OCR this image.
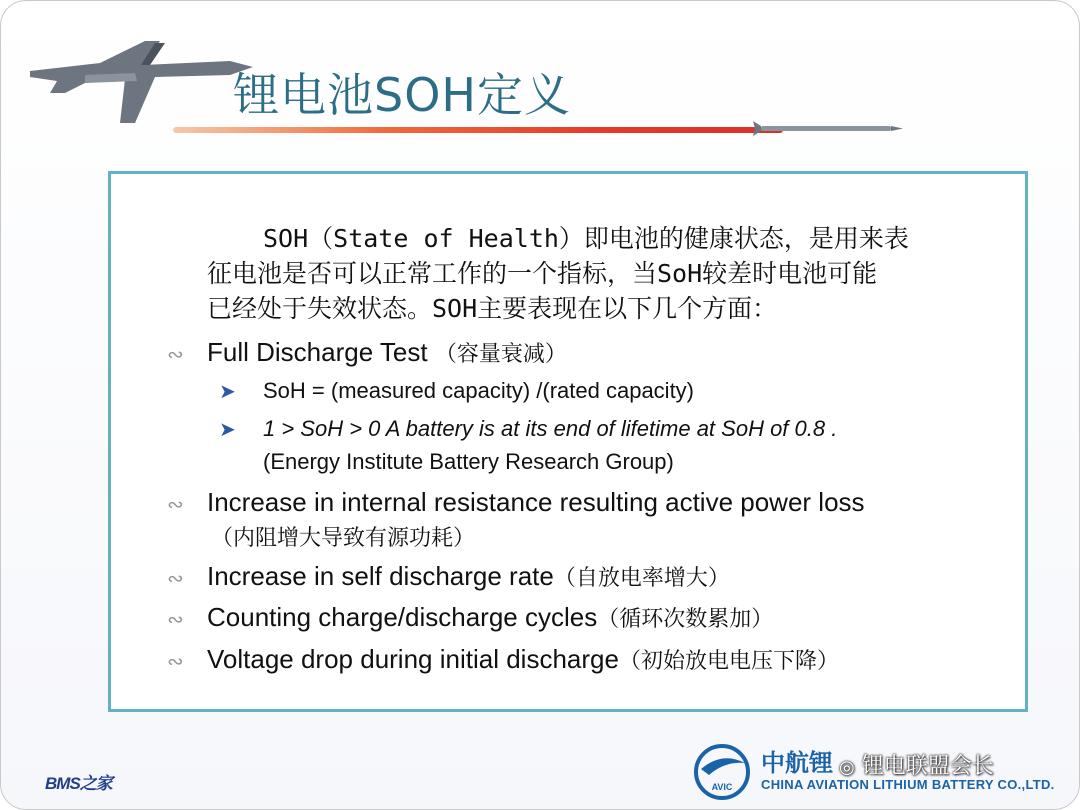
锂电池SOH定义
SOH（State of Health）即电池的健康状态，是用来表
征电池是否可以正常工作的一个指标，当SoH较差时电池可能
已经处于失效状态。SOH主要表现在以下几个方面：
∾ Full Discharge Test （容量衰减）
➤ SoH = (measured capacity) /(rated capacity)
➤ 1 > SoH > 0 A battery is at its end of lifetime at SoH of 0.8 .
(Energy Institute Battery Research Group)
∾ Increase in internal resistance resulting active power loss
（内阻增大导致有源功耗）
∾ Increase in self discharge rate（自放电率增大）
∾ Counting charge/discharge cycles（循环次数累加）
∾ Voltage drop during initial discharge（初始放电电压下降）
BMS之家	AVIC
中航锂
CHINA AVIATION LITHIUM BATTERY CO.,LTD.
◎ 锂电联盟会长
